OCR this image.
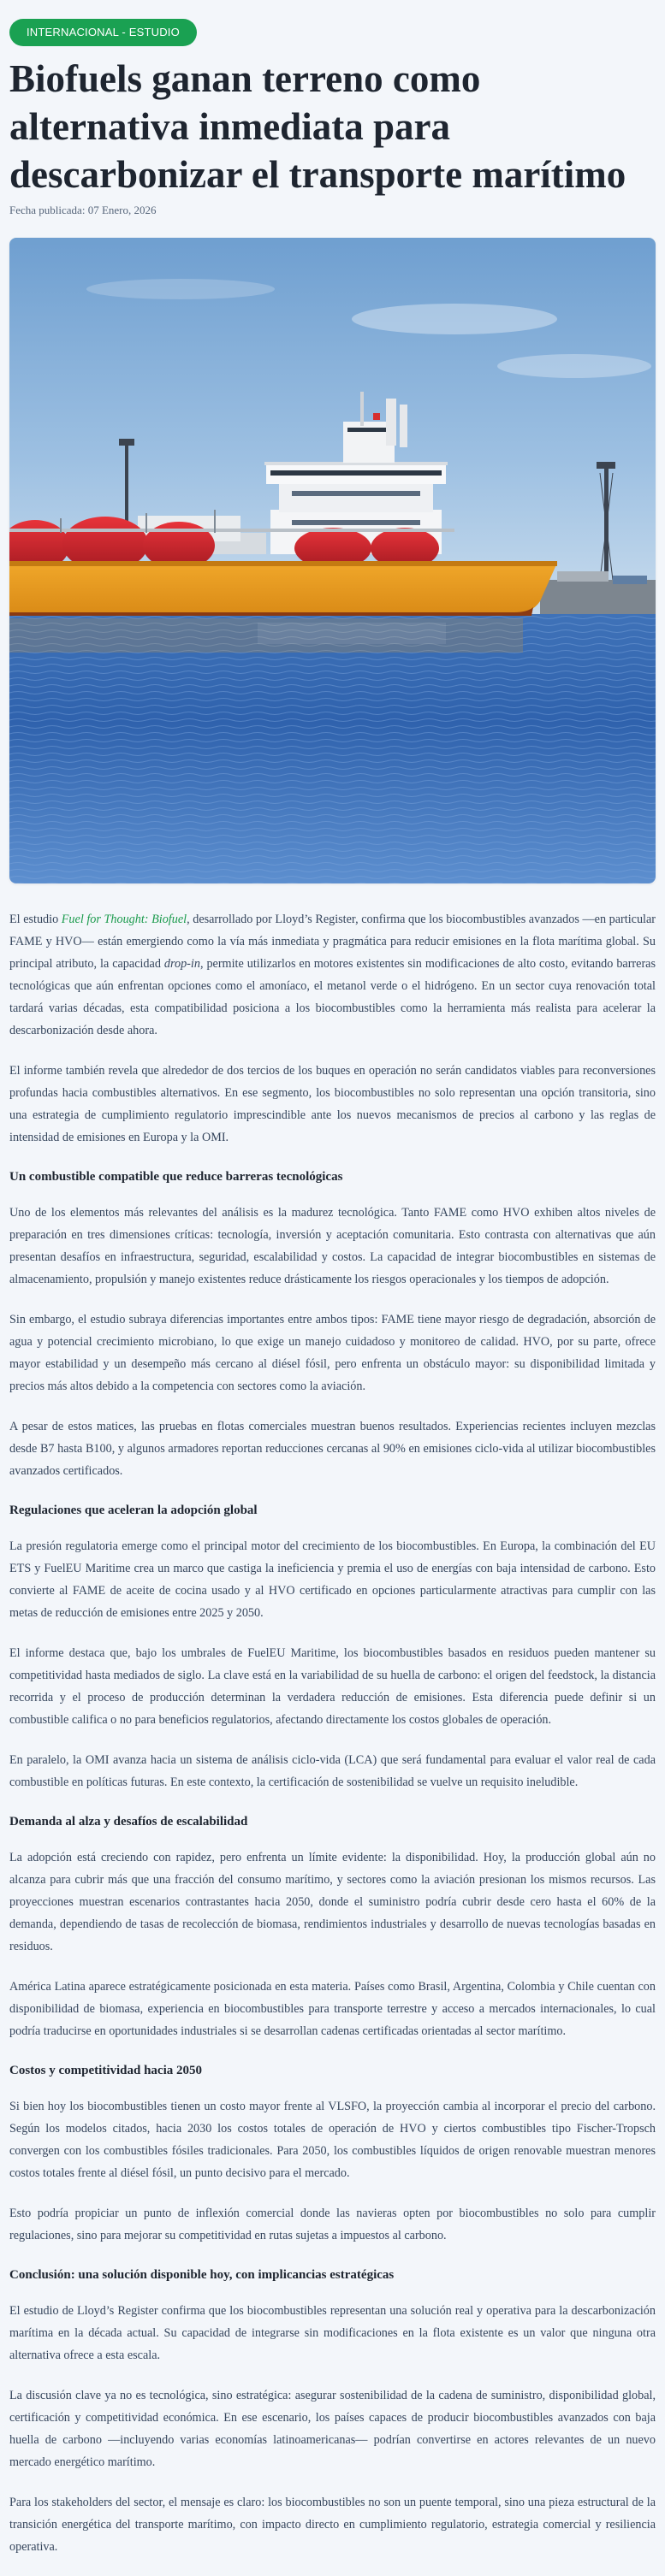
INTERNACIONAL - ESTUDIO
Biofuels ganan terreno como alternativa inmediata para descarbonizar el transporte marítimo
Fecha publicada: 07 Enero, 2026

El estudio Fuel for Thought: Biofuel, desarrollado por Lloyd’s Register, confirma que los biocombustibles avanzados —en particular FAME y HVO— están emergiendo como la vía más inmediata y pragmática para reducir emisiones en la flota marítima global. Su principal atributo, la capacidad drop-in, permite utilizarlos en motores existentes sin modificaciones de alto costo, evitando barreras tecnológicas que aún enfrentan opciones como el amoníaco, el metanol verde o el hidrógeno. En un sector cuya renovación total tardará varias décadas, esta compatibilidad posiciona a los biocombustibles como la herramienta más realista para acelerar la descarbonización desde ahora.

El informe también revela que alrededor de dos tercios de los buques en operación no serán candidatos viables para reconversiones profundas hacia combustibles alternativos. En ese segmento, los biocombustibles no solo representan una opción transitoria, sino una estrategia de cumplimiento regulatorio imprescindible ante los nuevos mecanismos de precios al carbono y las reglas de intensidad de emisiones en Europa y la OMI.

Un combustible compatible que reduce barreras tecnológicas

Uno de los elementos más relevantes del análisis es la madurez tecnológica. Tanto FAME como HVO exhiben altos niveles de preparación en tres dimensiones críticas: tecnología, inversión y aceptación comunitaria. Esto contrasta con alternativas que aún presentan desafíos en infraestructura, seguridad, escalabilidad y costos. La capacidad de integrar biocombustibles en sistemas de almacenamiento, propulsión y manejo existentes reduce drásticamente los riesgos operacionales y los tiempos de adopción.

Sin embargo, el estudio subraya diferencias importantes entre ambos tipos: FAME tiene mayor riesgo de degradación, absorción de agua y potencial crecimiento microbiano, lo que exige un manejo cuidadoso y monitoreo de calidad. HVO, por su parte, ofrece mayor estabilidad y un desempeño más cercano al diésel fósil, pero enfrenta un obstáculo mayor: su disponibilidad limitada y precios más altos debido a la competencia con sectores como la aviación.

A pesar de estos matices, las pruebas en flotas comerciales muestran buenos resultados. Experiencias recientes incluyen mezclas desde B7 hasta B100, y algunos armadores reportan reducciones cercanas al 90% en emisiones ciclo-vida al utilizar biocombustibles avanzados certificados.

Regulaciones que aceleran la adopción global

La presión regulatoria emerge como el principal motor del crecimiento de los biocombustibles. En Europa, la combinación del EU ETS y FuelEU Maritime crea un marco que castiga la ineficiencia y premia el uso de energías con baja intensidad de carbono. Esto convierte al FAME de aceite de cocina usado y al HVO certificado en opciones particularmente atractivas para cumplir con las metas de reducción de emisiones entre 2025 y 2050.

El informe destaca que, bajo los umbrales de FuelEU Maritime, los biocombustibles basados en residuos pueden mantener su competitividad hasta mediados de siglo. La clave está en la variabilidad de su huella de carbono: el origen del feedstock, la distancia recorrida y el proceso de producción determinan la verdadera reducción de emisiones. Esta diferencia puede definir si un combustible califica o no para beneficios regulatorios, afectando directamente los costos globales de operación.

En paralelo, la OMI avanza hacia un sistema de análisis ciclo-vida (LCA) que será fundamental para evaluar el valor real de cada combustible en políticas futuras. En este contexto, la certificación de sostenibilidad se vuelve un requisito ineludible.

Demanda al alza y desafíos de escalabilidad

La adopción está creciendo con rapidez, pero enfrenta un límite evidente: la disponibilidad. Hoy, la producción global aún no alcanza para cubrir más que una fracción del consumo marítimo, y sectores como la aviación presionan los mismos recursos. Las proyecciones muestran escenarios contrastantes hacia 2050, donde el suministro podría cubrir desde cero hasta el 60% de la demanda, dependiendo de tasas de recolección de biomasa, rendimientos industriales y desarrollo de nuevas tecnologías basadas en residuos.

América Latina aparece estratégicamente posicionada en esta materia. Países como Brasil, Argentina, Colombia y Chile cuentan con disponibilidad de biomasa, experiencia en biocombustibles para transporte terrestre y acceso a mercados internacionales, lo cual podría traducirse en oportunidades industriales si se desarrollan cadenas certificadas orientadas al sector marítimo.

Costos y competitividad hacia 2050

Si bien hoy los biocombustibles tienen un costo mayor frente al VLSFO, la proyección cambia al incorporar el precio del carbono. Según los modelos citados, hacia 2030 los costos totales de operación de HVO y ciertos combustibles tipo Fischer-Tropsch convergen con los combustibles fósiles tradicionales. Para 2050, los combustibles líquidos de origen renovable muestran menores costos totales frente al diésel fósil, un punto decisivo para el mercado.

Esto podría propiciar un punto de inflexión comercial donde las navieras opten por biocombustibles no solo para cumplir regulaciones, sino para mejorar su competitividad en rutas sujetas a impuestos al carbono.

Conclusión: una solución disponible hoy, con implicancias estratégicas

El estudio de Lloyd’s Register confirma que los biocombustibles representan una solución real y operativa para la descarbonización marítima en la década actual. Su capacidad de integrarse sin modificaciones en la flota existente es un valor que ninguna otra alternativa ofrece a esta escala.

La discusión clave ya no es tecnológica, sino estratégica: asegurar sostenibilidad de la cadena de suministro, disponibilidad global, certificación y competitividad económica. En ese escenario, los países capaces de producir biocombustibles avanzados con baja huella de carbono —incluyendo varias economías latinoamericanas— podrían convertirse en actores relevantes de un nuevo mercado energético marítimo.

Para los stakeholders del sector, el mensaje es claro: los biocombustibles no son un puente temporal, sino una pieza estructural de la transición energética del transporte marítimo, con impacto directo en cumplimiento regulatorio, estrategia comercial y resiliencia operativa.
